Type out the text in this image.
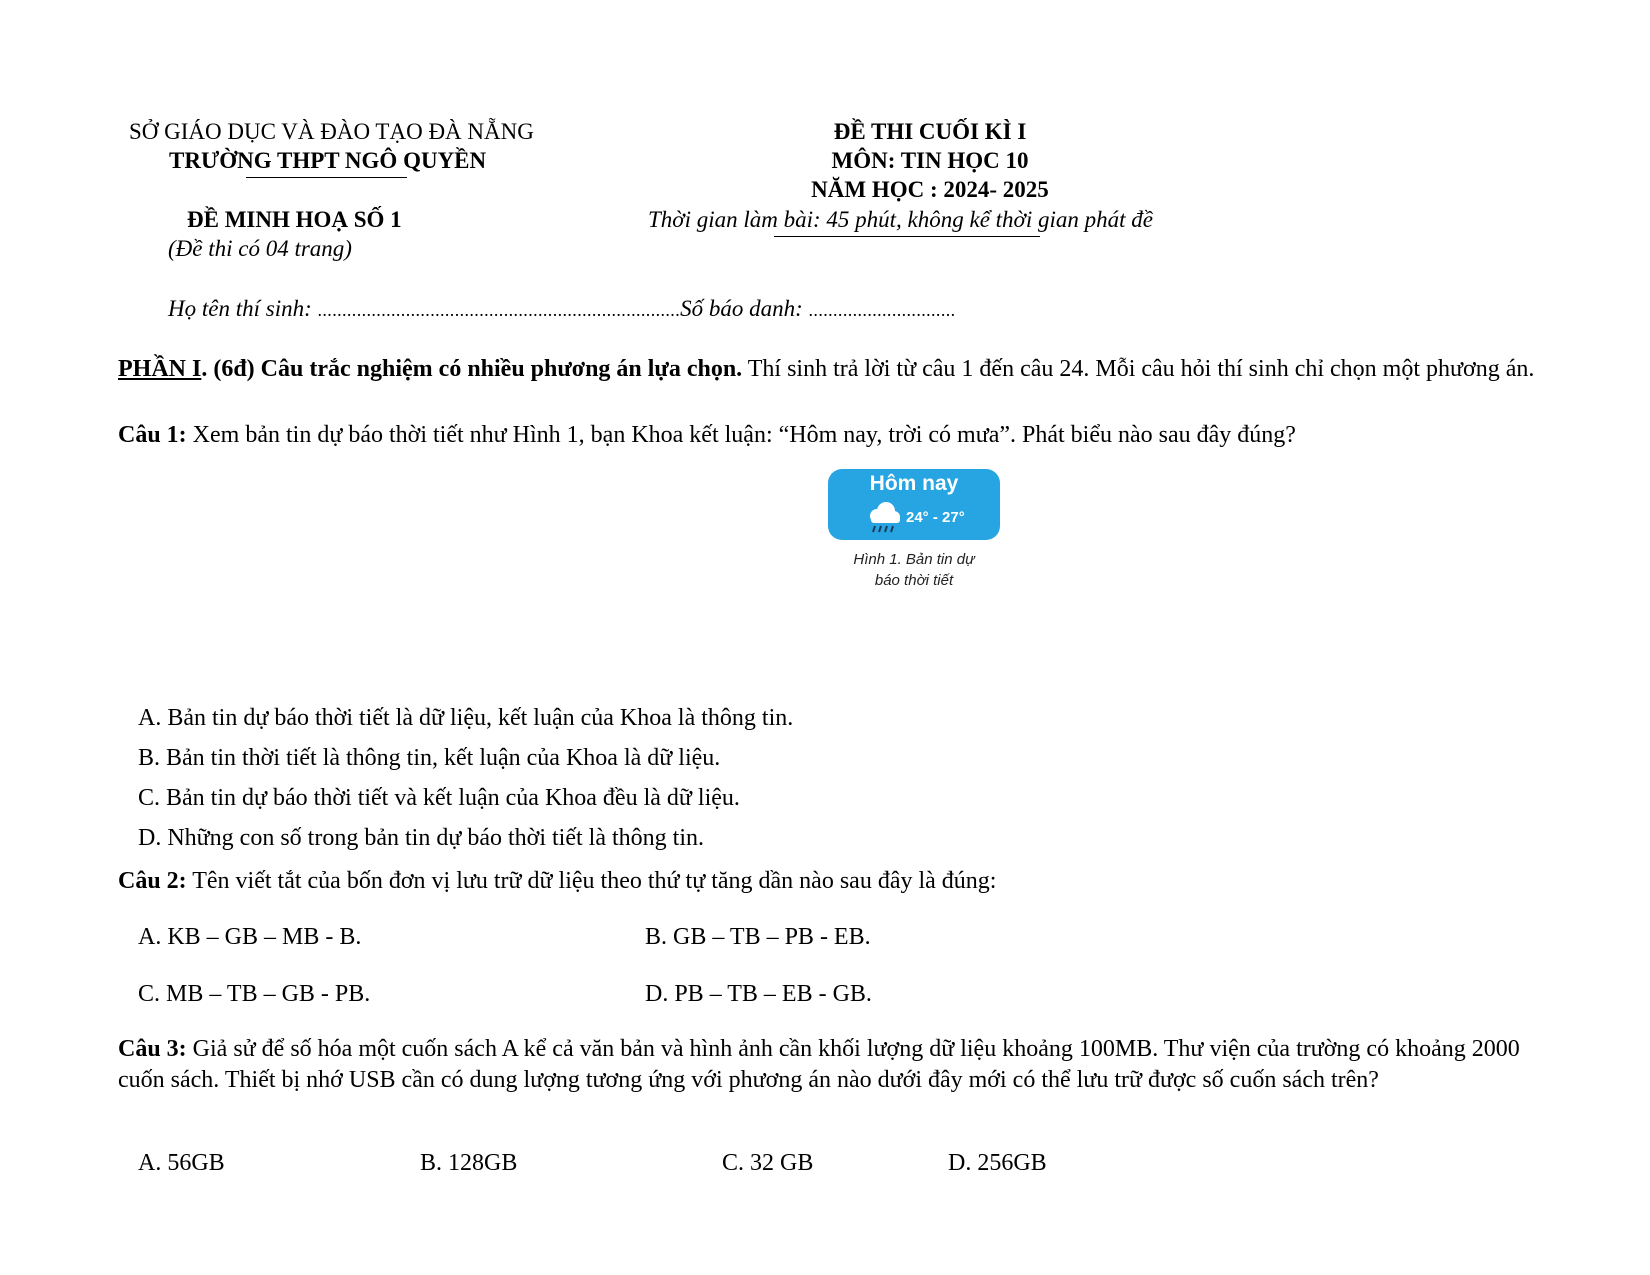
SỞ GIÁO DỤC VÀ ĐÀO TẠO ĐÀ NẴNG
TRƯỜNG THPT NGÔ QUYỀN
ĐỀ MINH HOẠ SỐ 1
(Đề thi có 04 trang)
ĐỀ THI CUỐI KÌ I
MÔN: TIN HỌC 10
NĂM HỌC : 2024- 2025
Thời gian làm bài: 45 phút, không kể thời gian phát đề
Họ tên thí sinh: ..........................................................................Số báo danh: ..............................
PHẦN I. (6đ) Câu trắc nghiệm có nhiều phương án lựa chọn. Thí sinh trả lời từ câu 1 đến câu 24. Mỗi câu hỏi thí sinh chỉ chọn một phương án.
Câu 1: Xem bản tin dự báo thời tiết như Hình 1, bạn Khoa kết luận: “Hôm nay, trời có mưa”. Phát biểu nào sau đây đúng?
Hôm nay
24° - 27°
Hình 1. Bản tin dự
báo thời tiết
A. Bản tin dự báo thời tiết là dữ liệu, kết luận của Khoa là thông tin.
B. Bản tin thời tiết là thông tin, kết luận của Khoa là dữ liệu.
C. Bản tin dự báo thời tiết và kết luận của Khoa đều là dữ liệu.
D. Những con số trong bản tin dự báo thời tiết là thông tin.
Câu 2: Tên viết tắt của bốn đơn vị lưu trữ dữ liệu theo thứ tự tăng dần nào sau đây là đúng:
A. KB – GB – MB - B.	B. GB – TB – PB - EB.
C. MB – TB – GB - PB.	D. PB – TB – EB - GB.
Câu 3: Giả sử để số hóa một cuốn sách A kể cả văn bản và hình ảnh cần khối lượng dữ liệu khoảng 100MB. Thư viện của trường có khoảng 2000 cuốn sách. Thiết bị nhớ USB cần có dung lượng tương ứng với phương án nào dưới đây mới có thể lưu trữ được số cuốn sách trên?
A. 56GB	B. 128GB	C. 32 GB	D. 256GB
